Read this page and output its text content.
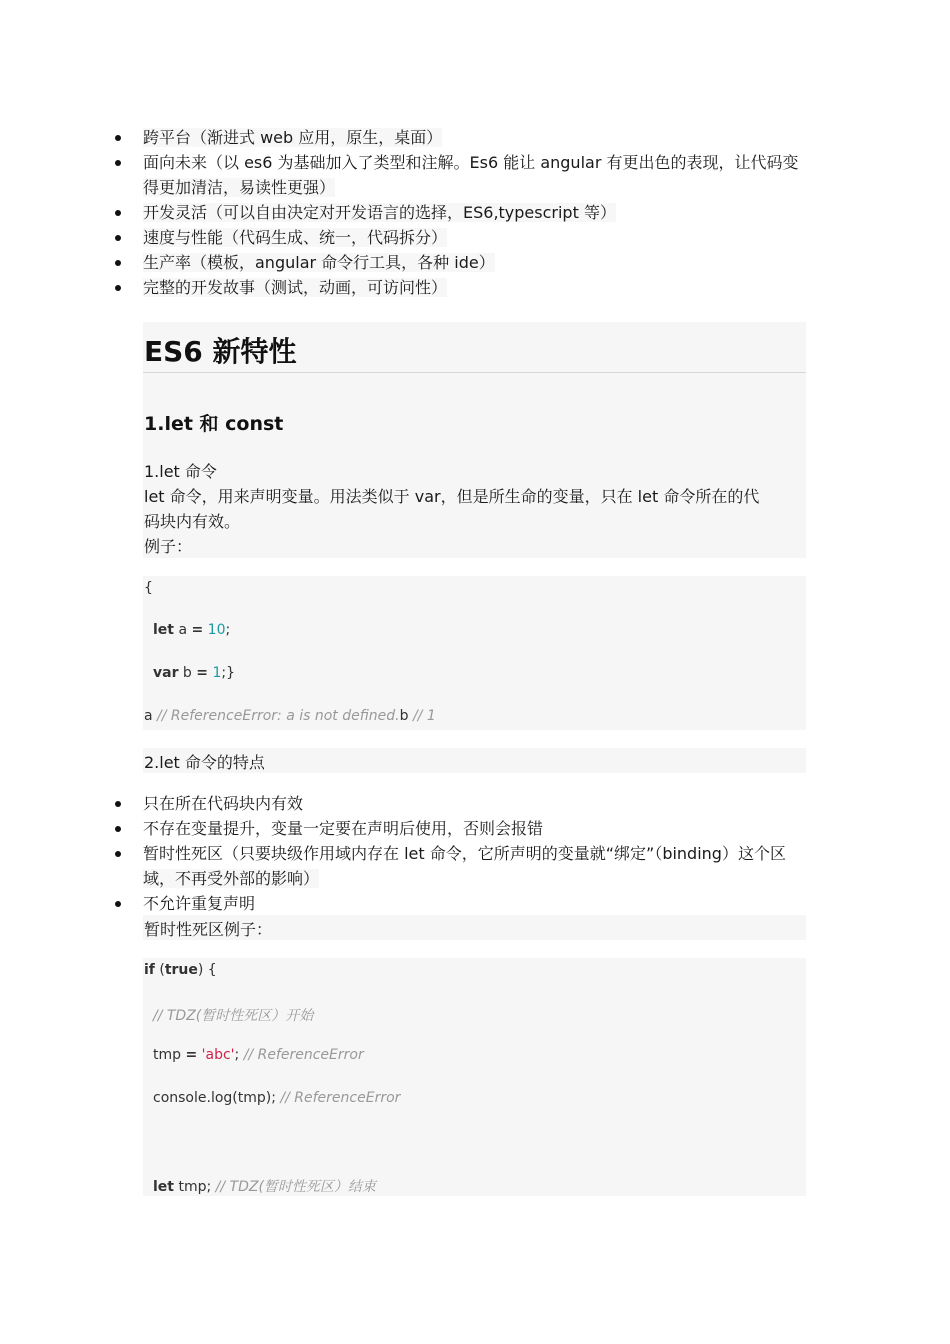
跨平台（渐进式 web 应用，原生，桌面）
面向未来（以 es6 为基础加入了类型和注解。Es6 能让 angular 有更出色的表现，让代码变
得更加清洁，易读性更强）
开发灵活（可以自由决定对开发语言的选择，ES6,typescript 等）
速度与性能（代码生成、统一，代码拆分）
生产率（模板，angular 命令行工具，各种 ide）
完整的开发故事（测试，动画，可访问性）
ES6 新特性
1.let 和 const
1.let 命令
let 命令，用来声明变量。用法类似于 var，但是所生命的变量，只在 let 命令所在的代
码块内有效。
例子：
{
let a = 10;
var b = 1;}
a // ReferenceError: a is not defined.b // 1
2.let 命令的特点
只在所在代码块内有效
不存在变量提升，变量一定要在声明后使用，否则会报错
暂时性死区（只要块级作用域内存在 let 命令，它所声明的变量就“绑定”（binding）这个区
域，不再受外部的影响）
不允许重复声明
暂时性死区例子：
if (true) {
// TDZ(暂时性死区）开始
tmp = 'abc'; // ReferenceError
console.log(tmp); // ReferenceError
let tmp; // TDZ(暂时性死区）结束
